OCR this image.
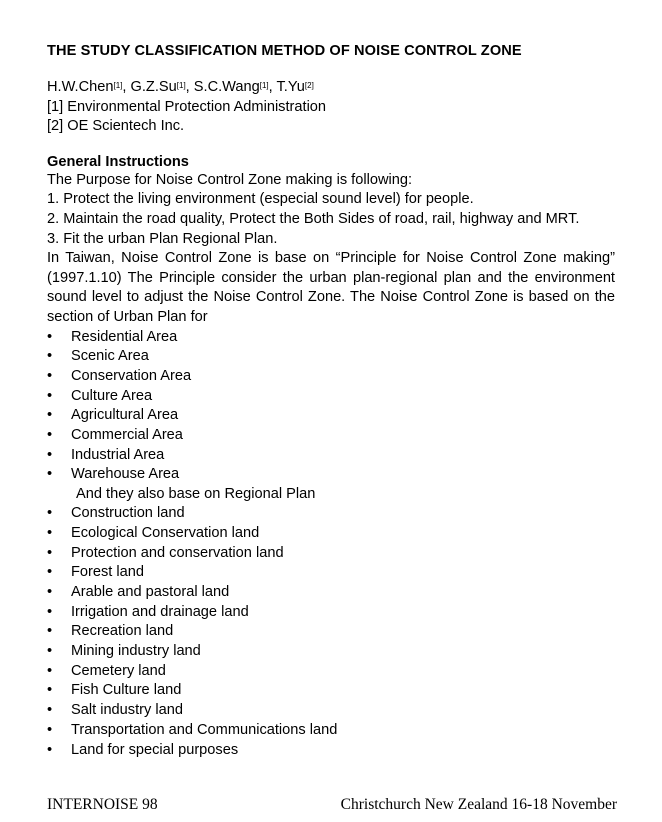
THE STUDY CLASSIFICATION METHOD OF NOISE CONTROL ZONE
H.W.Chen[1], G.Z.Su[1], S.C.Wang[1], T.Yu[2]
[1] Environmental Protection Administration
[2] OE Scientech Inc.
General Instructions
The Purpose for Noise Control Zone making is following:
1. Protect the living environment (especial sound level) for people.
2. Maintain the road quality, Protect the Both Sides of road, rail, highway and MRT.
3. Fit the urban Plan Regional Plan.
In Taiwan, Noise Control Zone is base on “Principle for Noise Control Zone making” (1997.1.10) The Principle consider the urban plan-regional plan and the environment sound level to adjust the Noise Control Zone. The Noise Control Zone is based on the section of Urban Plan for
• Residential Area
• Scenic Area
• Conservation Area
• Culture Area
• Agricultural Area
• Commercial Area
• Industrial Area
• Warehouse Area
And they also base on Regional Plan
• Construction land
• Ecological Conservation land
• Protection and conservation land
• Forest land
• Arable and pastoral land
• Irrigation and drainage land
• Recreation land
• Mining industry land
• Cemetery land
• Fish Culture land
• Salt industry land
• Transportation and Communications land
• Land for special purposes
INTERNOISE 98	Christchurch New Zealand 16-18 November
